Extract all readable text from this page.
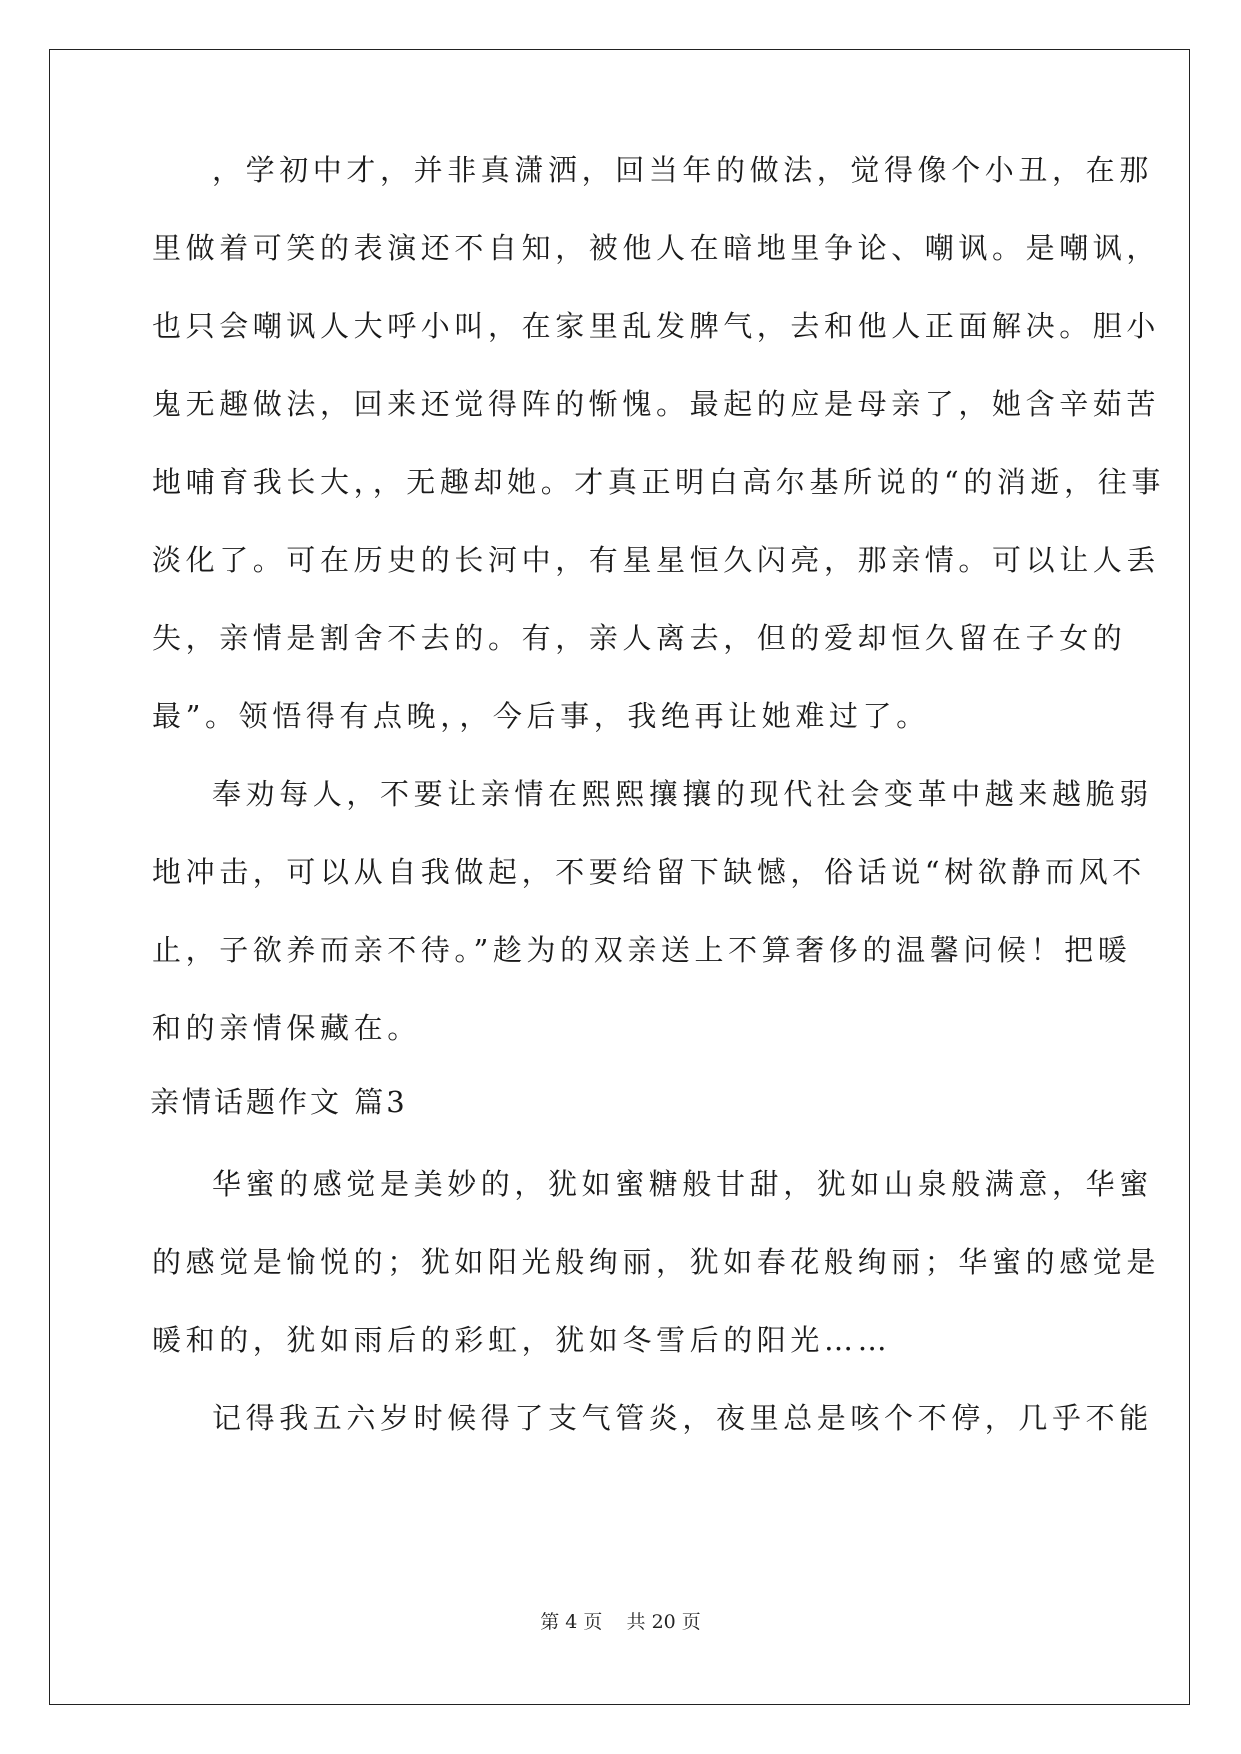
，学初中才，并非真潇洒，回当年的做法，觉得像个小丑，在那
里做着可笑的表演还不自知，被他人在暗地里争论、嘲讽。是嘲讽，
也只会嘲讽人大呼小叫，在家里乱发脾气，去和他人正面解决。胆小
鬼无趣做法，回来还觉得阵的惭愧。最起的应是母亲了，她含辛茹苦
地哺育我长大，，无趣却她。才真正明白高尔基所说的“的消逝，往事
淡化了。可在历史的长河中，有星星恒久闪亮，那亲情。可以让人丢
失，亲情是割舍不去的。有，亲人离去，但的爱却恒久留在子女的
最”。领悟得有点晚，，今后事，我绝再让她难过了。
奉劝每人，不要让亲情在熙熙攘攘的现代社会变革中越来越脆弱
地冲击，可以从自我做起，不要给留下缺憾，俗话说“树欲静而风不
止，子欲养而亲不待。”趁为的双亲送上不算奢侈的温馨问候！把暖
和的亲情保藏在。
亲情话题作文 篇3
华蜜的感觉是美妙的，犹如蜜糖般甘甜，犹如山泉般满意，华蜜
的感觉是愉悦的；犹如阳光般绚丽，犹如春花般绚丽；华蜜的感觉是
暖和的，犹如雨后的彩虹，犹如冬雪后的阳光……
记得我五六岁时候得了支气管炎，夜里总是咳个不停，几乎不能
第 4 页    共 20 页
